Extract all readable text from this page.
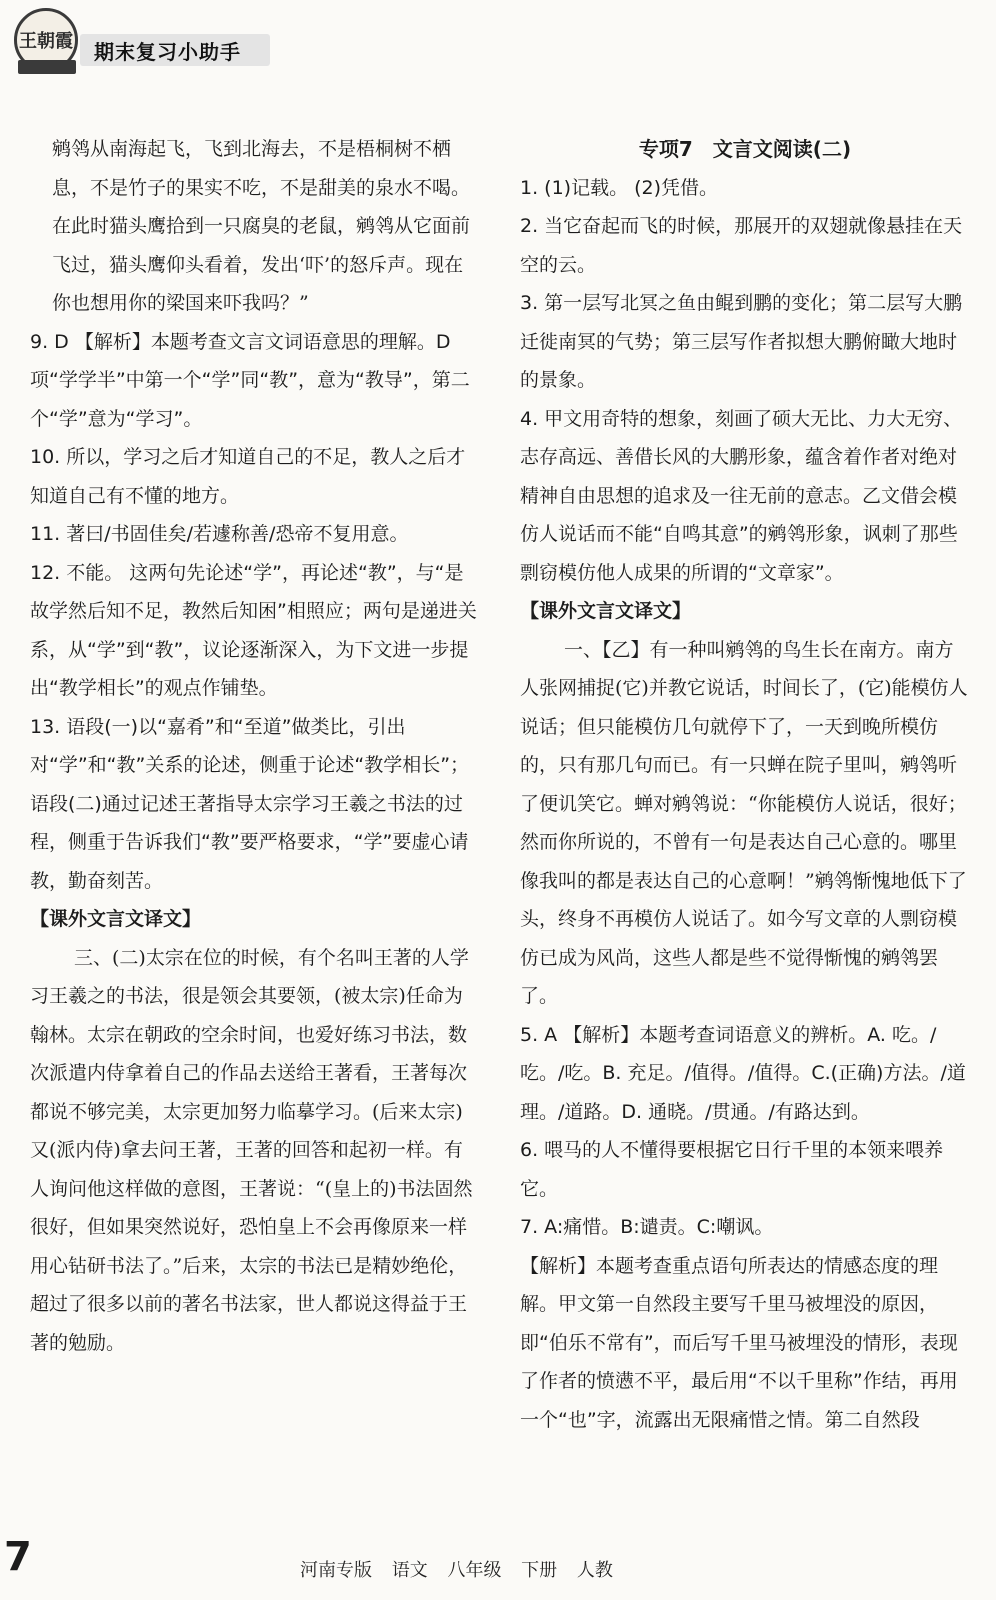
王朝霞 期末复习小助手

鹓鸰从南海起飞，飞到北海去，不是梧桐树不栖息，不是竹子的果实不吃，不是甜美的泉水不喝。在此时猫头鹰拾到一只腐臭的老鼠，鹓鸰从它面前飞过，猫头鹰仰头看着，发出‘吓’的怒斥声。现在你也想用你的梁国来吓我吗？”

9. D 【解析】本题考查文言文词语意思的理解。D项“学学半”中第一个“学”同“教”，意为“教导”，第二个“学”意为“学习”。

10. 所以，学习之后才知道自己的不足，教人之后才知道自己有不懂的地方。

11. 著曰/书固佳矣/若遽称善/恐帝不复用意。

12. 不能。 这两句先论述“学”，再论述“教”，与“是故学然后知不足，教然后知困”相照应；两句是递进关系，从“学”到“教”，议论逐渐深入，为下文进一步提出“教学相长”的观点作铺垫。

13. 语段(一)以“嘉肴”和“至道”做类比，引出对“学”和“教”关系的论述，侧重于论述“教学相长”；语段(二)通过记述王著指导太宗学习王羲之书法的过程，侧重于告诉我们“教”要严格要求，“学”要虚心请教，勤奋刻苦。

【课外文言文译文】

三、(二)太宗在位的时候，有个名叫王著的人学习王羲之的书法，很是领会其要领，(被太宗)任命为翰林。太宗在朝政的空余时间，也爱好练习书法，数次派遣内侍拿着自己的作品去送给王著看，王著每次都说不够完美，太宗更加努力临摹学习。(后来太宗)又(派内侍)拿去问王著，王著的回答和起初一样。有人询问他这样做的意图，王著说：“(皇上的)书法固然很好，但如果突然说好，恐怕皇上不会再像原来一样用心钻研书法了。”后来，太宗的书法已是精妙绝伦，超过了很多以前的著名书法家，世人都说这得益于王著的勉励。

专项7　文言文阅读(二)

1. (1)记载。 (2)凭借。

2. 当它奋起而飞的时候，那展开的双翅就像悬挂在天空的云。

3. 第一层写北冥之鱼由鲲到鹏的变化；第二层写大鹏迁徙南冥的气势；第三层写作者拟想大鹏俯瞰大地时的景象。

4. 甲文用奇特的想象，刻画了硕大无比、力大无穷、志存高远、善借长风的大鹏形象，蕴含着作者对绝对精神自由思想的追求及一往无前的意志。乙文借会模仿人说话而不能“自鸣其意”的鹓鸰形象，讽刺了那些剽窃模仿他人成果的所谓的“文章家”。

【课外文言文译文】

一、【乙】有一种叫鹓鸰的鸟生长在南方。南方人张网捕捉(它)并教它说话，时间长了，(它)能模仿人说话；但只能模仿几句就停下了，一天到晚所模仿的，只有那几句而已。有一只蝉在院子里叫，鹓鸰听了便讥笑它。蝉对鹓鸰说：“你能模仿人说话，很好；然而你所说的，不曾有一句是表达自己心意的。哪里像我叫的都是表达自己的心意啊！”鹓鸰惭愧地低下了头，终身不再模仿人说话了。如今写文章的人剽窃模仿已成为风尚，这些人都是些不觉得惭愧的鹓鸰罢了。

5. A 【解析】本题考查词语意义的辨析。A. 吃。/吃。/吃。B. 充足。/值得。/值得。C.(正确)方法。/道理。/道路。D. 通晓。/贯通。/有路达到。

6. 喂马的人不懂得要根据它日行千里的本领来喂养它。

7. A:痛惜。B:谴责。C:嘲讽。

【解析】本题考查重点语句所表达的情感态度的理解。甲文第一自然段主要写千里马被埋没的原因，即“伯乐不常有”，而后写千里马被埋没的情形，表现了作者的愤懑不平，最后用“不以千里称”作结，再用一个“也”字，流露出无限痛惜之情。第二自然段

7	河南专版 语文 八年级 下册 人教
